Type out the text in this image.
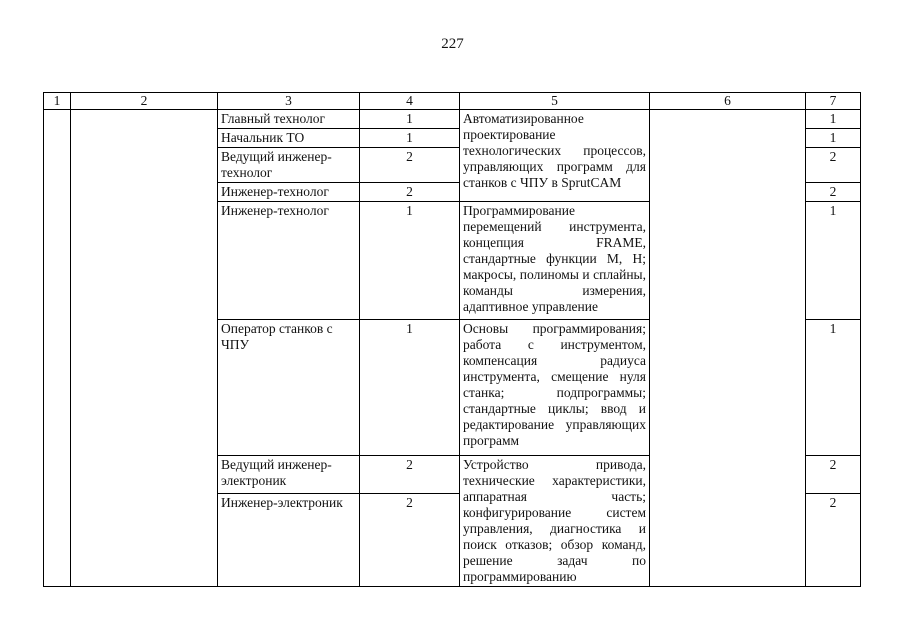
227
1	2	3	4	5	6	7
		Главный технолог	1	Автоматизированное проектирование технологических процессов, управляющих программ для станков с ЧПУ в SprutCAM		1
		Начальник ТО	1			1
		Ведущий инженер-технолог	2			2
		Инженер-технолог	2			2
		Инженер-технолог	1	Программирование перемещений инструмента, концепция FRAME, стандартные функции M, H; макросы, полиномы и сплайны, команды измерения, адаптивное управление		1
		Оператор станков с ЧПУ	1	Основы программирования; работа с инструментом, компенсация радиуса инструмента, смещение нуля станка; подпрограммы; стандартные циклы; ввод и редактирование управляющих программ		1
		Ведущий инженер-электроник	2	Устройство привода, технические характеристики, аппаратная часть; конфигурирование систем управления, диагностика и поиск отказов; обзор команд, решение задач по программированию		2
		Инженер-электроник	2			2
